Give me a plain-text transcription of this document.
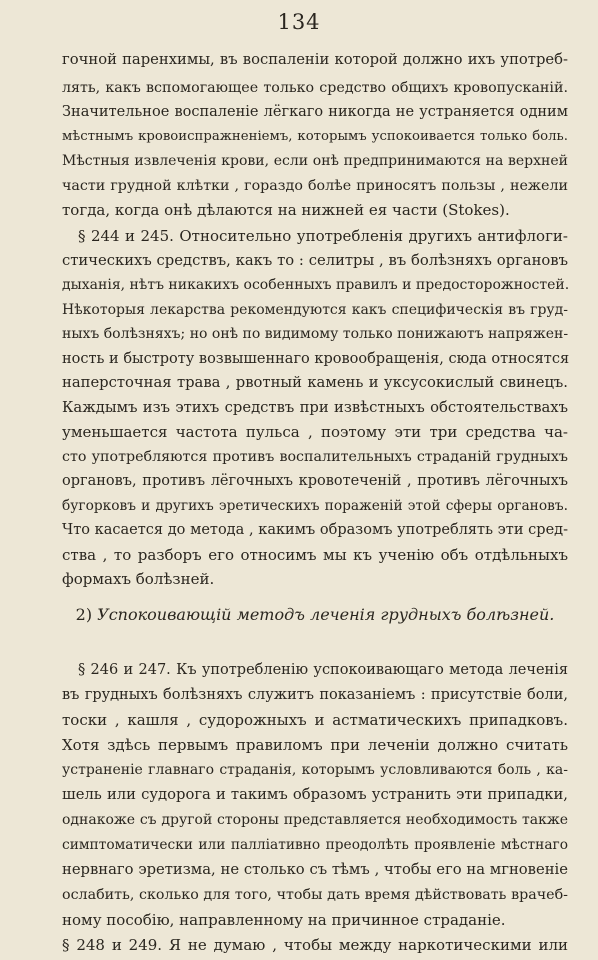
134
гочной паренхимы, въ воспаленіи которой должно ихъ употреб-
лять, какъ вспомогающее только средство общихъ кровопусканій.
Значительное воспаленіе лёгкаго никогда не устраняется одним
мѣстнымъ кровоиспражненіемъ, которымъ успокоивается только боль.
Мѣстныя извлеченія крови, если онѣ предпринимаются на верхней
части грудной клѣтки , гораздо болѣе приносятъ пользы , нежели
тогда, когда онѣ дѣлаются на нижней ея части (Stokes).
§ 244 и 245. Относительно употребленія другихъ антифлоги-
стическихъ средствъ, какъ то : селитры , въ болѣзняхъ органовъ
дыханія, нѣтъ никакихъ особенныхъ правилъ и предосторожностей.
Нѣкоторыя лекарства рекомендуются какъ специфическія въ груд-
ныхъ болѣзняхъ; но онѣ по видимому только понижаютъ напряжен-
ность и быстроту возвышеннаго кровообращенія, сюда относятся
наперсточная трава , рвотный камень и уксусокислый свинецъ.
Каждымъ изъ этихъ средствъ при извѣстныхъ обстоятельствахъ
уменьшается частота пульса , поэтому эти три средства ча-
сто употребляются противъ воспалительныхъ страданій грудныхъ
органовъ, противъ лёгочныхъ кровотеченій , противъ лёгочныхъ
бугорковъ и другихъ эретическихъ пораженій этой сферы органовъ.
Что касается до метода , какимъ образомъ употреблять эти сред-
ства , то разборъ его относимъ мы къ ученію объ отдѣльныхъ
формахъ болѣзней.
2) Успокоивающій методъ леченія грудныхъ болѣзней.
§ 246 и 247. Къ употребленію успокоивающаго метода леченія
въ грудныхъ болѣзняхъ служитъ показаніемъ : присутствіе боли,
тоски , кашля , судорожныхъ и астматическихъ припадковъ.
Хотя здѣсь первымъ правиломъ при леченіи должно считать
устраненіе главнаго страданія, которымъ условливаются боль , ка-
шель или судорога и такимъ образомъ устранить эти припадки,
однакоже съ другой стороны представляется необходимость также
симптоматически или палліативно преодолѣть проявленіе мѣстнаго
нервнаго эретизма, не столько съ тѣмъ , чтобы его на мгновеніе
ослабить, сколько для того, чтобы дать время дѣйствовать врачеб-
ному пособію, направленному на причинное страданіе.
§ 248 и 249. Я не думаю , чтобы между наркотическими или
